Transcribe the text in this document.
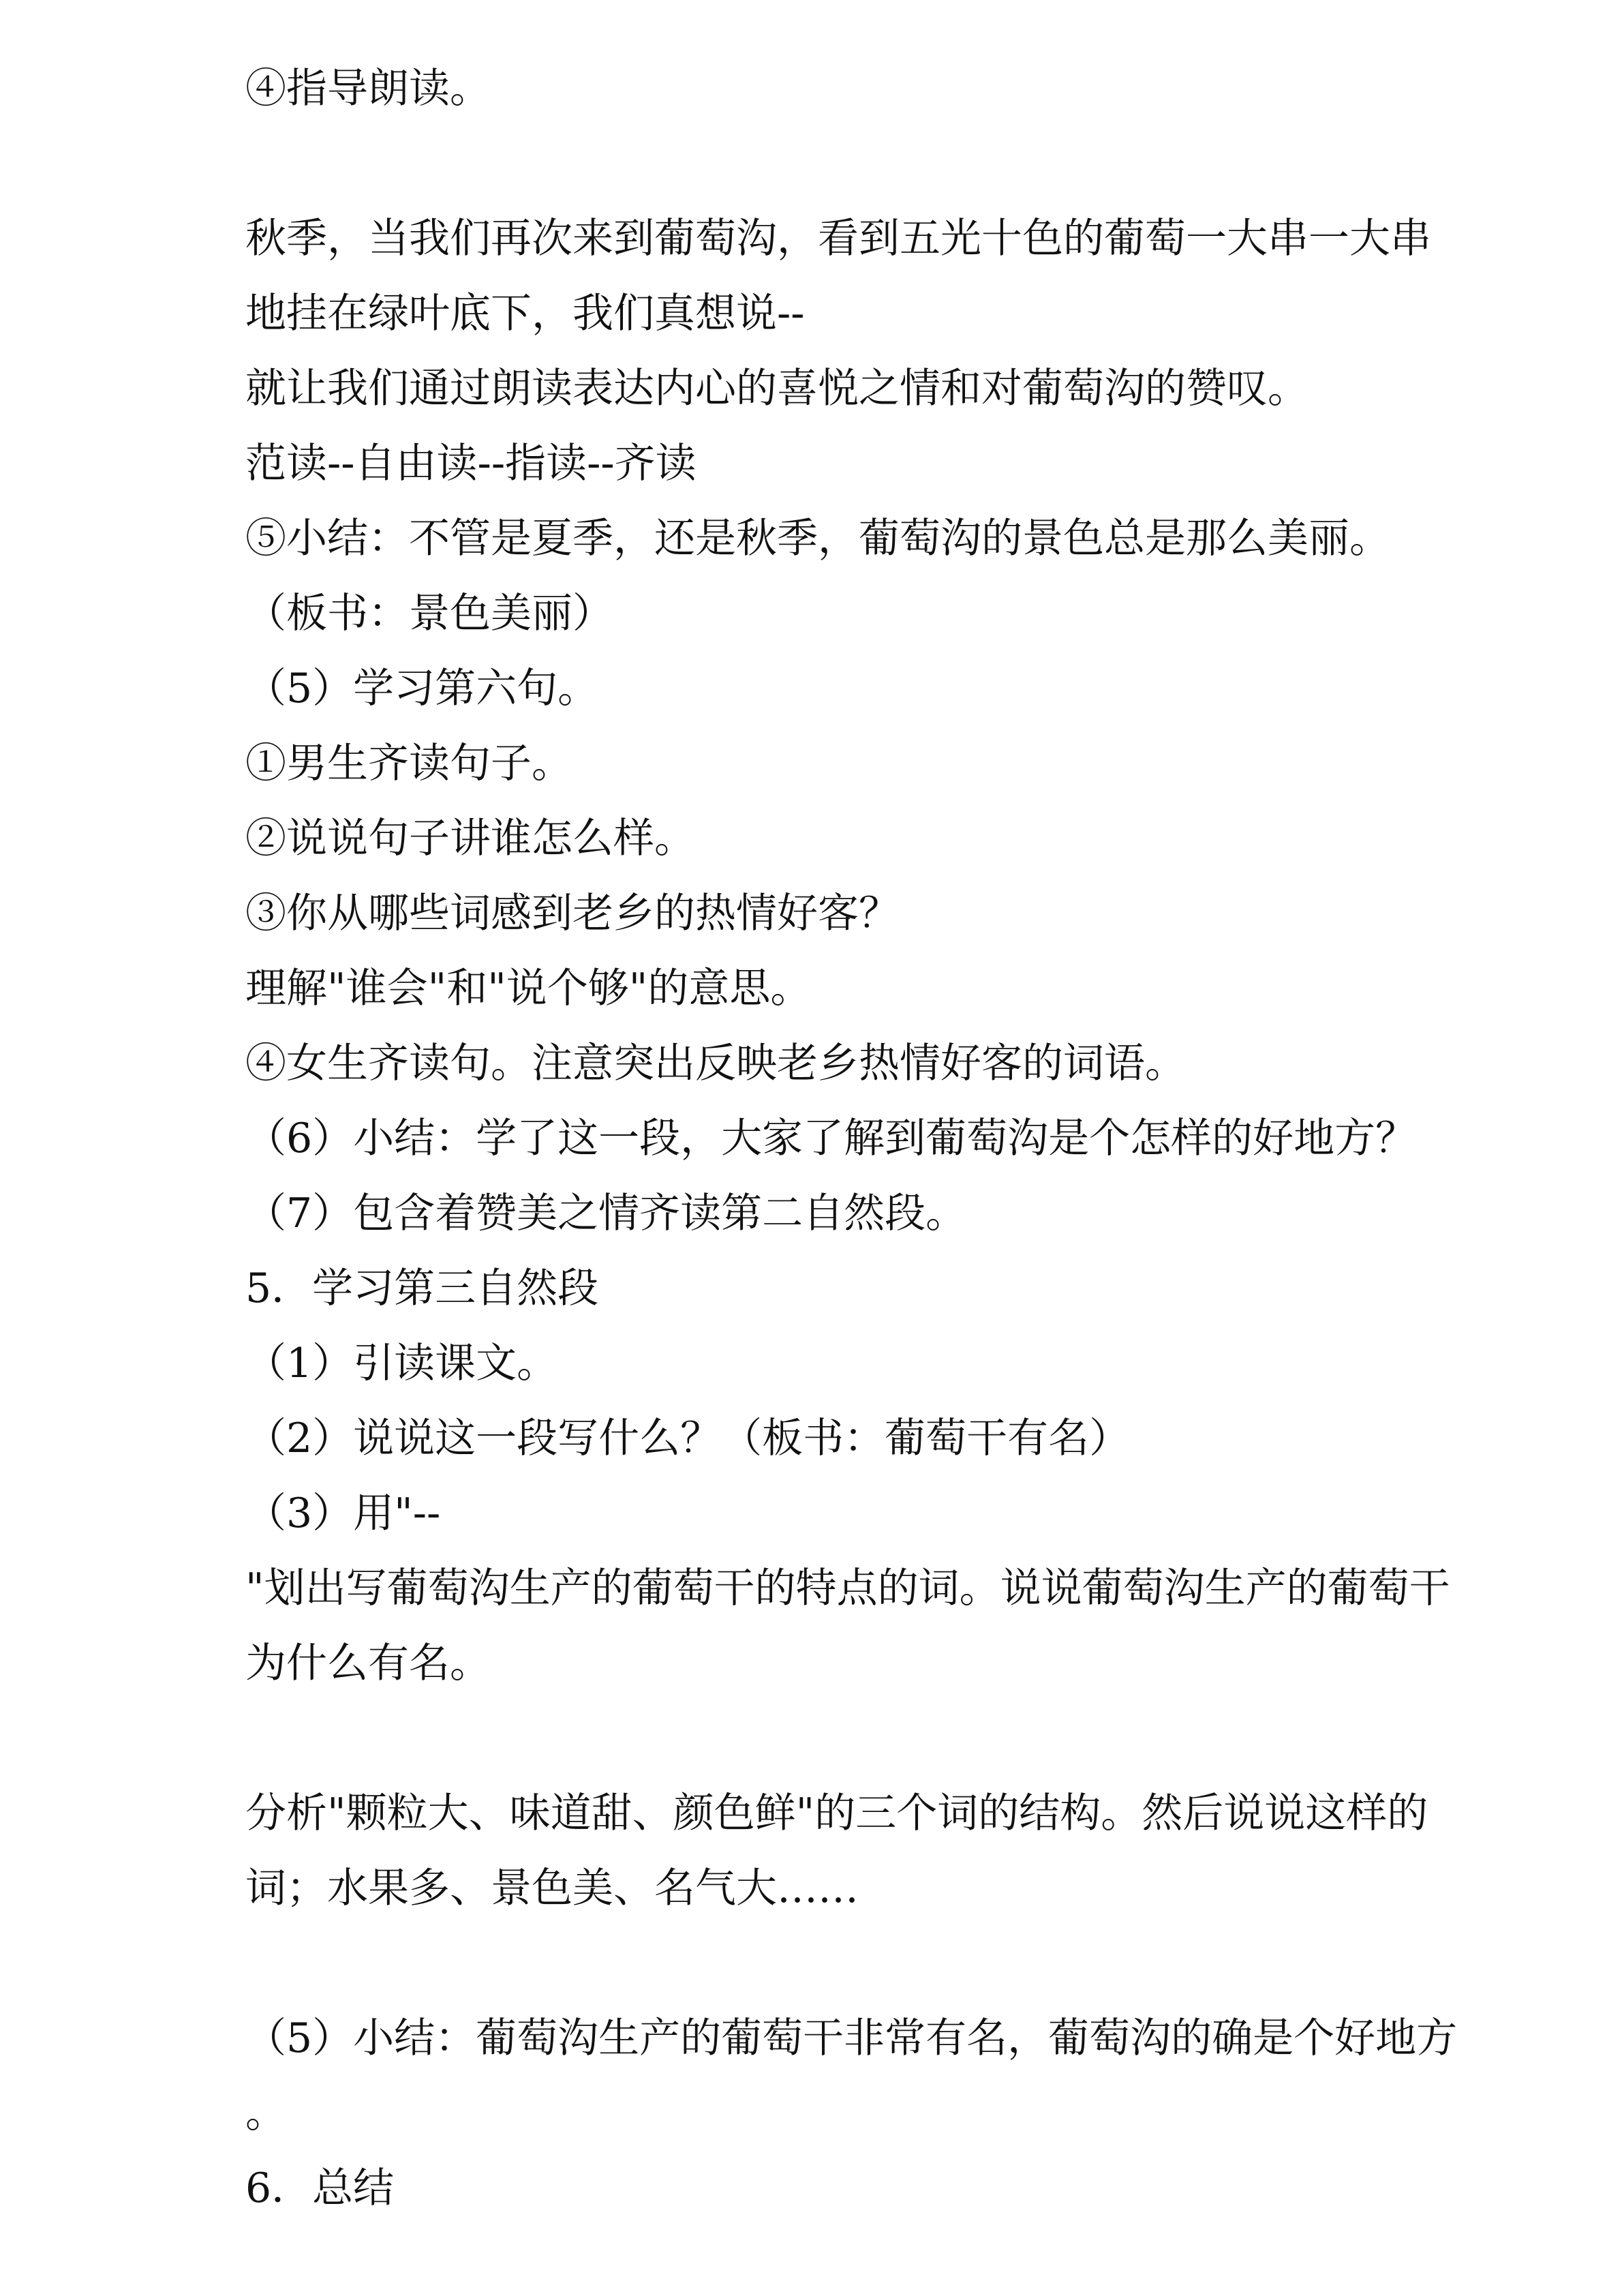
④指导朗读。

秋季，当我们再次来到葡萄沟，看到五光十色的葡萄一大串一大串

地挂在绿叶底下，我们真想说--

就让我们通过朗读表达内心的喜悦之情和对葡萄沟的赞叹。

范读--自由读--指读--齐读

⑤小结：不管是夏季，还是秋季，葡萄沟的景色总是那么美丽。

（板书：景色美丽）

（5）学习第六句。

①男生齐读句子。

②说说句子讲谁怎么样。

③你从哪些词感到老乡的热情好客？

理解"谁会"和"说个够"的意思。

④女生齐读句。注意突出反映老乡热情好客的词语。

（6）小结：学了这一段，大家了解到葡萄沟是个怎样的好地方？

（7）包含着赞美之情齐读第二自然段。

5．学习第三自然段

（1）引读课文。

（2）说说这一段写什么？（板书：葡萄干有名）

（3）用"--

"划出写葡萄沟生产的葡萄干的特点的词。说说葡萄沟生产的葡萄干

为什么有名。

分析"颗粒大、味道甜、颜色鲜"的三个词的结构。然后说说这样的

词；水果多、景色美、名气大……

（5）小结：葡萄沟生产的葡萄干非常有名，葡萄沟的确是个好地方

。

6．总结
